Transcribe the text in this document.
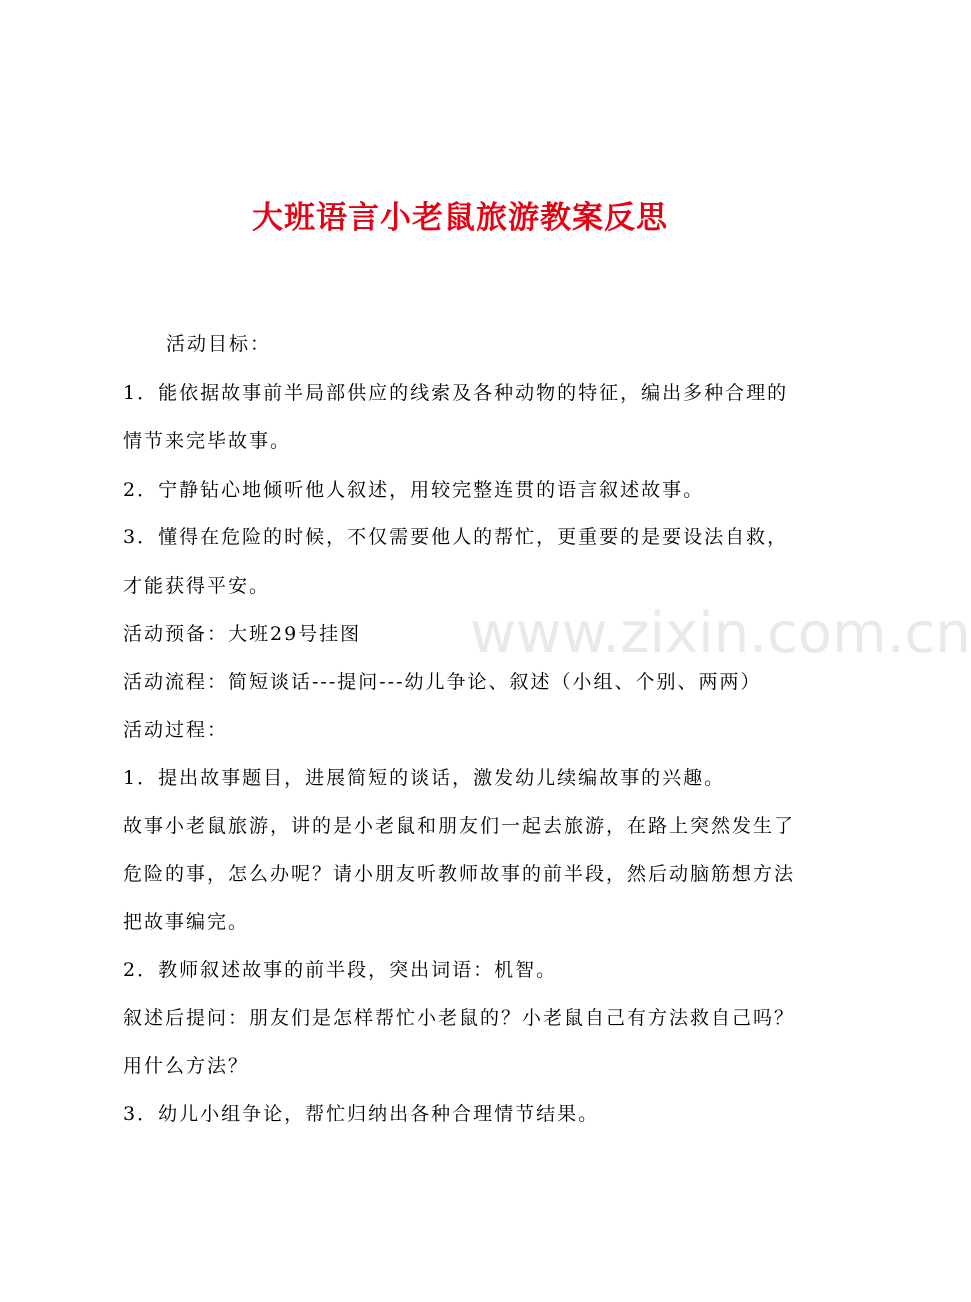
大班语言小老鼠旅游教案反思
www.zixin.com.cn
活动目标：
1．能依据故事前半局部供应的线索及各种动物的特征，编出多种合理的
情节来完毕故事。
2．宁静钻心地倾听他人叙述，用较完整连贯的语言叙述故事。
3．懂得在危险的时候，不仅需要他人的帮忙，更重要的是要设法自救，
才能获得平安。
活动预备：大班29号挂图
活动流程：简短谈话---提问---幼儿争论、叙述（小组、个别、两两）
活动过程：
1．提出故事题目，进展简短的谈话，激发幼儿续编故事的兴趣。
故事小老鼠旅游，讲的是小老鼠和朋友们一起去旅游，在路上突然发生了
危险的事，怎么办呢？请小朋友听教师故事的前半段，然后动脑筋想方法
把故事编完。
2．教师叙述故事的前半段，突出词语：机智。
叙述后提问：朋友们是怎样帮忙小老鼠的？小老鼠自己有方法救自己吗？
用什么方法？
3．幼儿小组争论，帮忙归纳出各种合理情节结果。
